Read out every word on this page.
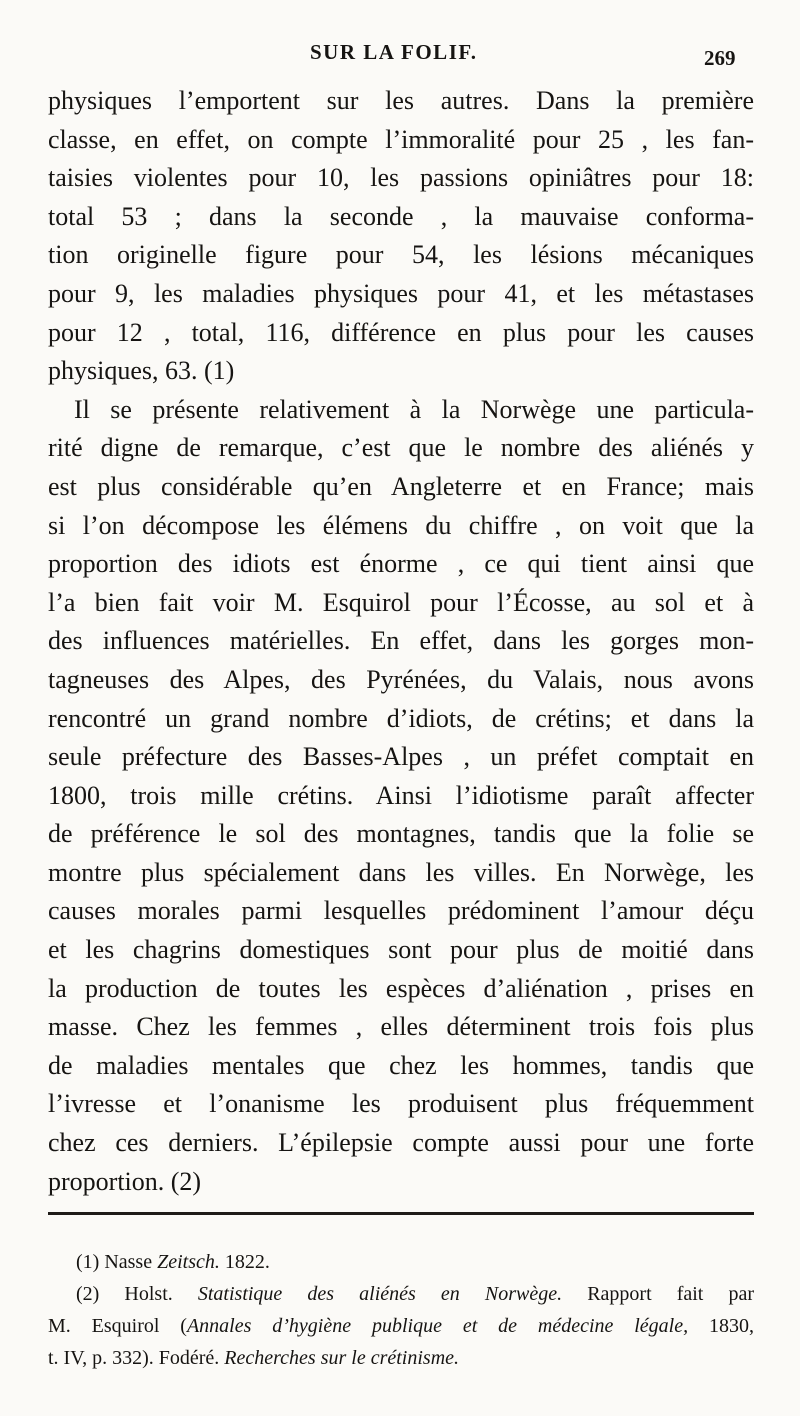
SUR LA FOLIF.	269
physiques l’emportent sur les autres. Dans la première
classe, en effet, on compte l’immoralité pour 25 , les fan-
taisies violentes pour 10, les passions opiniâtres pour 18:
total 53 ; dans la seconde , la mauvaise conforma-
tion originelle figure pour 54, les lésions mécaniques
pour 9, les maladies physiques pour 41, et les métastases
pour 12 , total, 116, différence en plus pour les causes
physiques, 63. (1)
Il se présente relativement à la Norwège une particula-
rité digne de remarque, c’est que le nombre des aliénés y
est plus considérable qu’en Angleterre et en France; mais
si l’on décompose les élémens du chiffre , on voit que la
proportion des idiots est énorme , ce qui tient ainsi que
l’a bien fait voir M. Esquirol pour l’Écosse, au sol et à
des influences matérielles. En effet, dans les gorges mon-
tagneuses des Alpes, des Pyrénées, du Valais, nous avons
rencontré un grand nombre d’idiots, de crétins; et dans la
seule préfecture des Basses-Alpes , un préfet comptait en
1800, trois mille crétins. Ainsi l’idiotisme paraît affecter
de préférence le sol des montagnes, tandis que la folie se
montre plus spécialement dans les villes. En Norwège, les
causes morales parmi lesquelles prédominent l’amour déçu
et les chagrins domestiques sont pour plus de moitié dans
la production de toutes les espèces d’aliénation , prises en
masse. Chez les femmes , elles déterminent trois fois plus
de maladies mentales que chez les hommes, tandis que
l’ivresse et l’onanisme les produisent plus fréquemment
chez ces derniers. L’épilepsie compte aussi pour une forte
proportion. (2)
(1) Nasse Zeitsch. 1822.
(2) Holst. Statistique des aliénés en Norwège. Rapport fait par
M. Esquirol (Annales d’hygiène publique et de médecine légale, 1830,
t. IV, p. 332). Fodéré. Recherches sur le crétinisme.
